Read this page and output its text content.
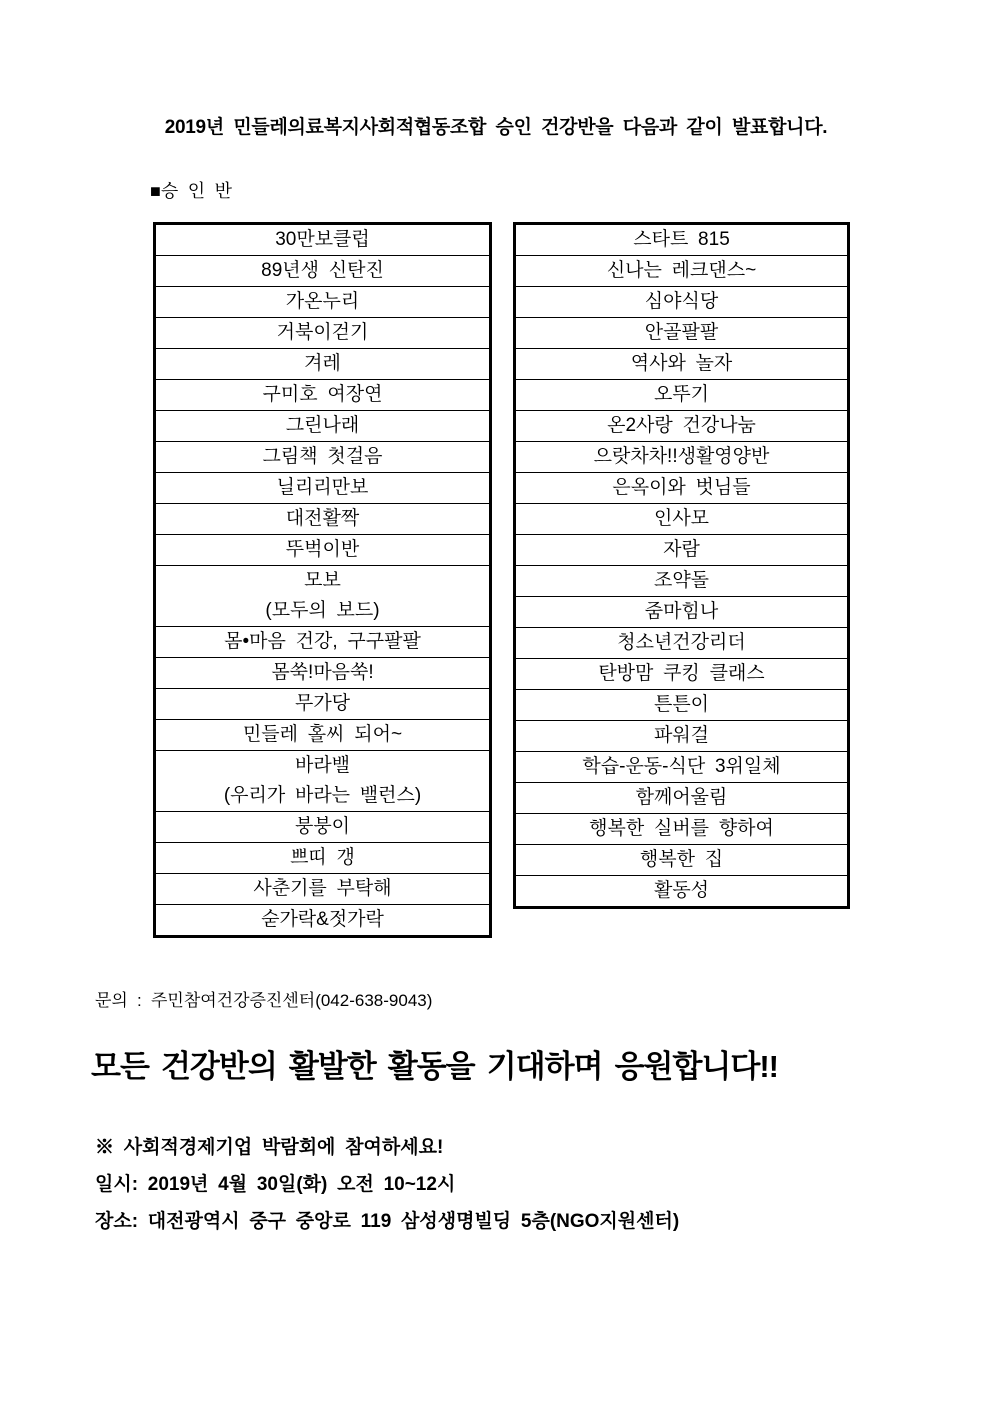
2019년 민들레의료복지사회적협동조합 승인 건강반을 다음과 같이 발표합니다.
■승 인 반
30만보클럽
89년생 신탄진
가온누리
거북이걷기
겨레
구미호 여장연
그린나래
그림책 첫걸음
닐리리만보
대전활짝
뚜벅이반
모보
(모두의 보드)
몸•마음 건강, 구구팔팔
몸쑥!마음쑥!
무가당
민들레 홀씨 되어~
바라밸
(우리가 바라는 밸런스)
붕붕이
쁘띠 갱
사춘기를 부탁해
숟가락&젓가락
스타트 815
신나는 레크댄스~
심야식당
안골팔팔
역사와 놀자
오뚜기
온2사랑 건강나눔
으랏차차!!생활영양반
은옥이와 벗님들
인사모
자람
조약돌
줌마힘나
청소년건강리더
탄방맘 쿠킹 클래스
튼튼이
파워걸
학습-운동-식단 3위일체
함께어울림
행복한 실버를 향하여
행복한 집
활동성
문의 : 주민참여건강증진센터(042-638-9043)
모든 건강반의 활발한 활동을 기대하며 응원합니다!!
※ 사회적경제기업 박람회에 참여하세요!
일시: 2019년 4월 30일(화) 오전 10~12시
장소: 대전광역시 중구 중앙로 119 삼성생명빌딩 5층(NGO지원센터)
